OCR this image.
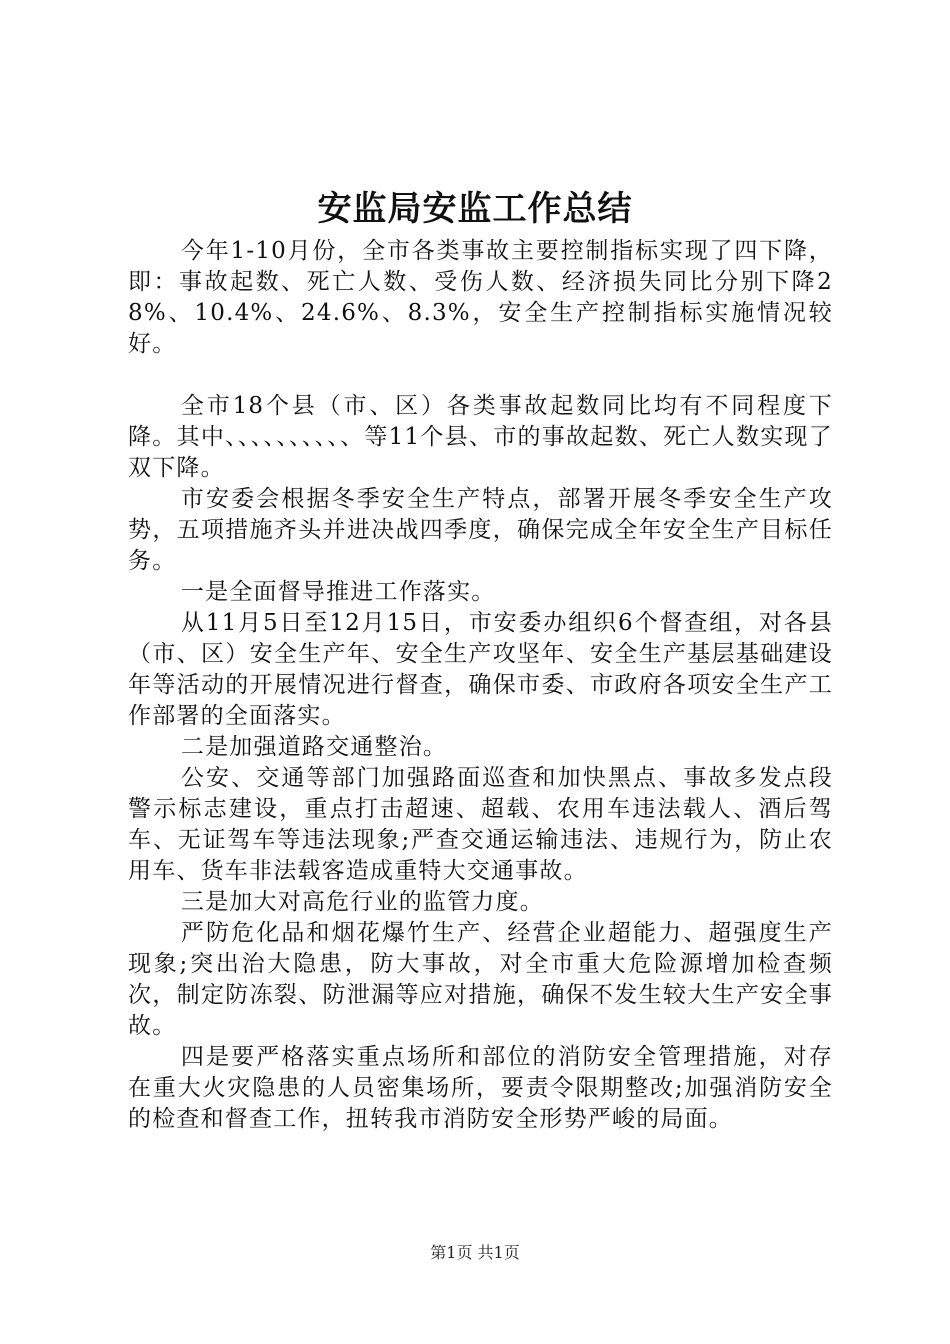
安监局安监工作总结

今年1-10月份，全市各类事故主要控制指标实现了四下降，即：事故起数、死亡人数、受伤人数、经济损失同比分别下降28%、10.4%、24.6%、8.3%，安全生产控制指标实施情况较好。

全市18个县（市、区）各类事故起数同比均有不同程度下降。其中、、、、、、、、、、等11个县、市的事故起数、死亡人数实现了双下降。

市安委会根据冬季安全生产特点，部署开展冬季安全生产攻势，五项措施齐头并进决战四季度，确保完成全年安全生产目标任务。

一是全面督导推进工作落实。

从11月5日至12月15日，市安委办组织6个督查组，对各县（市、区）安全生产年、安全生产攻坚年、安全生产基层基础建设年等活动的开展情况进行督查，确保市委、市政府各项安全生产工作部署的全面落实。

二是加强道路交通整治。

公安、交通等部门加强路面巡查和加快黑点、事故多发点段警示标志建设，重点打击超速、超载、农用车违法载人、酒后驾车、无证驾车等违法现象;严查交通运输违法、违规行为，防止农用车、货车非法载客造成重特大交通事故。

三是加大对高危行业的监管力度。

严防危化品和烟花爆竹生产、经营企业超能力、超强度生产现象;突出治大隐患，防大事故，对全市重大危险源增加检查频次，制定防冻裂、防泄漏等应对措施，确保不发生较大生产安全事故。

四是要严格落实重点场所和部位的消防安全管理措施，对存在重大火灾隐患的人员密集场所，要责令限期整改;加强消防安全的检查和督查工作，扭转我市消防安全形势严峻的局面。

第1页 共1页
